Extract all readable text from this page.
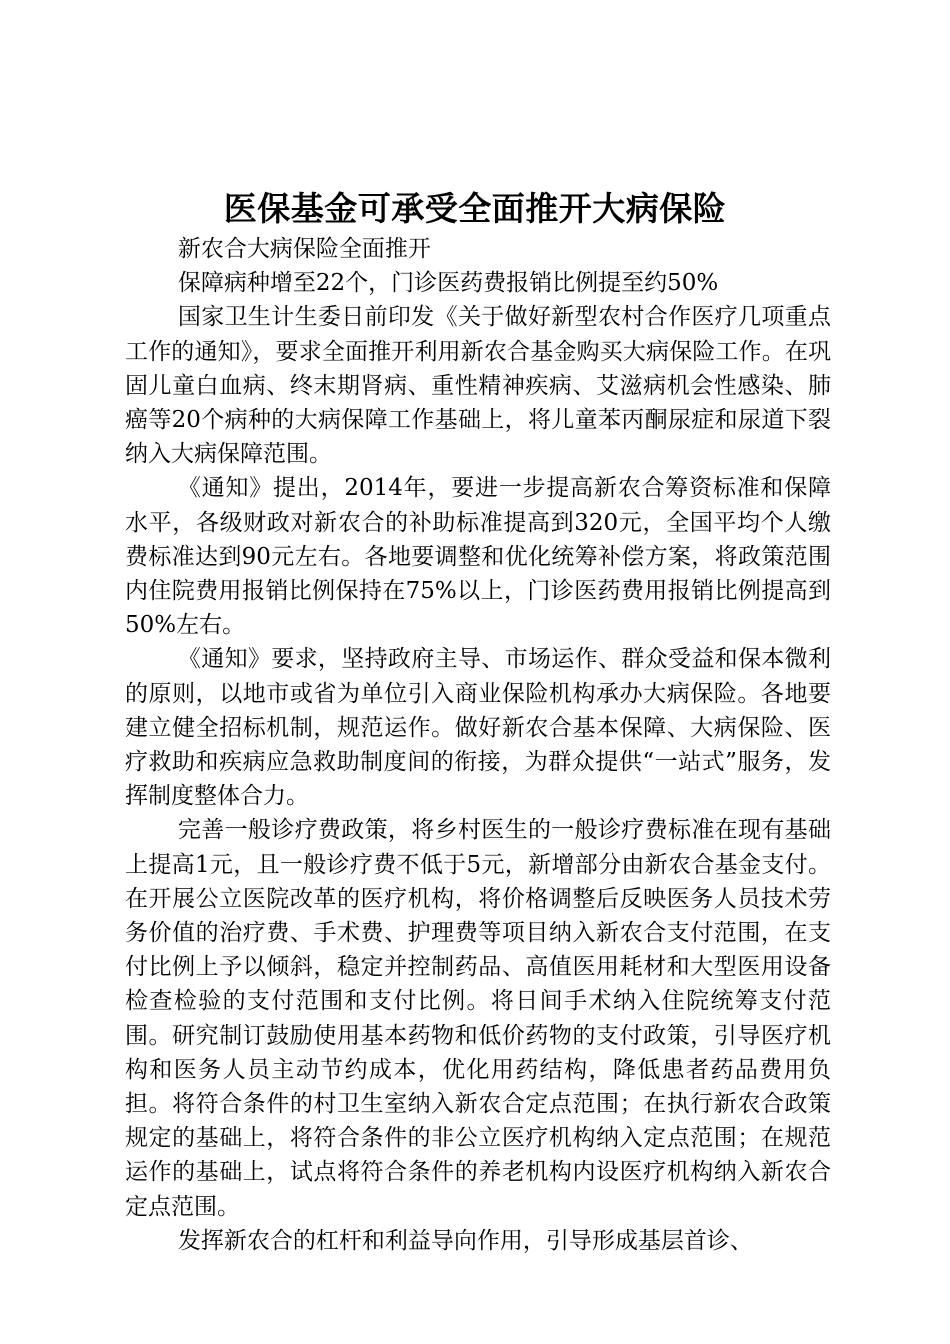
医保基金可承受全面推开大病保险

新农合大病保险全面推开

保障病种增至22个，门诊医药费报销比例提至约50%

国家卫生计生委日前印发《关于做好新型农村合作医疗几项重点工作的通知》，要求全面推开利用新农合基金购买大病保险工作。在巩固儿童白血病、终末期肾病、重性精神疾病、艾滋病机会性感染、肺癌等20个病种的大病保障工作基础上，将儿童苯丙酮尿症和尿道下裂纳入大病保障范围。

《通知》提出，2014年，要进一步提高新农合筹资标准和保障水平，各级财政对新农合的补助标准提高到320元，全国平均个人缴费标准达到90元左右。各地要调整和优化统筹补偿方案，将政策范围内住院费用报销比例保持在75%以上，门诊医药费用报销比例提高到50%左右。

《通知》要求，坚持政府主导、市场运作、群众受益和保本微利的原则，以地市或省为单位引入商业保险机构承办大病保险。各地要建立健全招标机制，规范运作。做好新农合基本保障、大病保险、医疗救助和疾病应急救助制度间的衔接，为群众提供“一站式”服务，发挥制度整体合力。

完善一般诊疗费政策，将乡村医生的一般诊疗费标准在现有基础上提高1元，且一般诊疗费不低于5元，新增部分由新农合基金支付。在开展公立医院改革的医疗机构，将价格调整后反映医务人员技术劳务价值的治疗费、手术费、护理费等项目纳入新农合支付范围，在支付比例上予以倾斜，稳定并控制药品、高值医用耗材和大型医用设备检查检验的支付范围和支付比例。将日间手术纳入住院统筹支付范围。研究制订鼓励使用基本药物和低价药物的支付政策，引导医疗机构和医务人员主动节约成本，优化用药结构，降低患者药品费用负担。将符合条件的村卫生室纳入新农合定点范围；在执行新农合政策规定的基础上，将符合条件的非公立医疗机构纳入定点范围；在规范运作的基础上，试点将符合条件的养老机构内设医疗机构纳入新农合定点范围。

发挥新农合的杠杆和利益导向作用，引导形成基层首诊、
